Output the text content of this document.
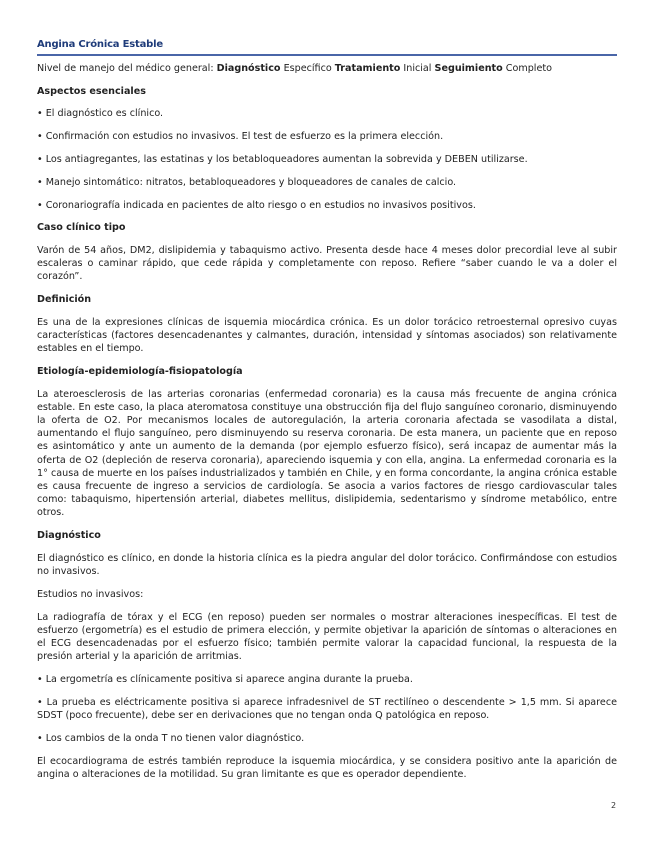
Angina Crónica Estable

Nivel de manejo del médico general: Diagnóstico Específico Tratamiento Inicial Seguimiento Completo

Aspectos esenciales

• El diagnóstico es clínico.

• Confirmación con estudios no invasivos. El test de esfuerzo es la primera elección.

• Los antiagregantes, las estatinas y los betabloqueadores aumentan la sobrevida y DEBEN utilizarse.

• Manejo sintomático: nitratos, betabloqueadores y bloqueadores de canales de calcio.

• Coronariografía indicada en pacientes de alto riesgo o en estudios no invasivos positivos.

Caso clínico tipo

Varón de 54 años, DM2, dislipidemia y tabaquismo activo. Presenta desde hace 4 meses dolor precordial leve al subir escaleras o caminar rápido, que cede rápida y completamente con reposo. Refiere “saber cuando le va a doler el corazón”.

Definición

Es una de la expresiones clínicas de isquemia miocárdica crónica. Es un dolor torácico retroesternal opresivo cuyas características (factores desencadenantes y calmantes, duración, intensidad y síntomas asociados) son relativamente estables en el tiempo.

Etiología-epidemiología-fisiopatología

La ateroesclerosis de las arterias coronarias (enfermedad coronaria) es la causa más frecuente de angina crónica estable. En este caso, la placa ateromatosa constituye una obstrucción fija del flujo sanguíneo coronario, disminuyendo la oferta de O2. Por mecanismos locales de autoregulación, la arteria coronaria afectada se vasodilata a distal, aumentando el flujo sanguíneo, pero disminuyendo su reserva coronaria. De esta manera, un paciente que en reposo es asintomático y ante un aumento de la demanda (por ejemplo esfuerzo físico), será incapaz de aumentar más la oferta de O2 (depleción de reserva coronaria), apareciendo isquemia y con ella, angina. La enfermedad coronaria es la 1° causa de muerte en los países industrializados y también en Chile, y en forma concordante, la angina crónica estable es causa frecuente de ingreso a servicios de cardiología. Se asocia a varios factores de riesgo cardiovascular tales como: tabaquismo, hipertensión arterial, diabetes mellitus, dislipidemia, sedentarismo y síndrome metabólico, entre otros.

Diagnóstico

El diagnóstico es clínico, en donde la historia clínica es la piedra angular del dolor torácico. Confirmándose con estudios no invasivos.

Estudios no invasivos:

La radiografía de tórax y el ECG (en reposo) pueden ser normales o mostrar alteraciones inespecíficas. El test de esfuerzo (ergometría) es el estudio de primera elección, y permite objetivar la aparición de síntomas o alteraciones en el ECG desencadenadas por el esfuerzo físico; también permite valorar la capacidad funcional, la respuesta de la presión arterial y la aparición de arritmias.

• La ergometría es clínicamente positiva si aparece angina durante la prueba.

• La prueba es eléctricamente positiva si aparece infradesnivel de ST rectilíneo o descendente > 1,5 mm. Si aparece SDST (poco frecuente), debe ser en derivaciones que no tengan onda Q patológica en reposo.

• Los cambios de la onda T no tienen valor diagnóstico.

El ecocardiograma de estrés también reproduce la isquemia miocárdica, y se considera positivo ante la aparición de angina o alteraciones de la motilidad. Su gran limitante es que es operador dependiente.

2
